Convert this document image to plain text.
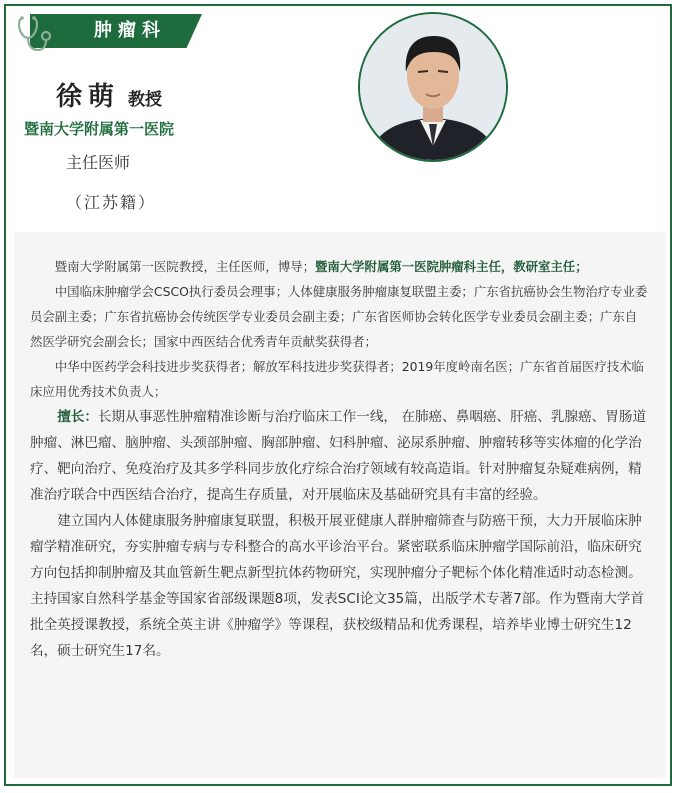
肿瘤科
徐萌 教授
暨南大学附属第一医院
主任医师
（江苏籍）

暨南大学附属第一医院教授，主任医师，博导；暨南大学附属第一医院肿瘤科主任，教研室主任；

中国临床肿瘤学会CSCO执行委员会理事；人体健康服务肿瘤康复联盟主委；广东省抗癌协会生物治疗专业委员会副主委；广东省抗癌协会传统医学专业委员会副主委；广东省医师协会转化医学专业委员会副主委；广东自然医学研究会副会长；国家中西医结合优秀青年贡献奖获得者；

中华中医药学会科技进步奖获得者；解放军科技进步奖获得者；2019年度岭南名医；广东省首届医疗技术临床应用优秀技术负责人；

擅长：长期从事恶性肿瘤精准诊断与治疗临床工作一线， 在肺癌、鼻咽癌、肝癌、乳腺癌、胃肠道肿瘤、淋巴瘤、脑肿瘤、头颈部肿瘤、胸部肿瘤、妇科肿瘤、泌尿系肿瘤、肿瘤转移等实体瘤的化学治疗、靶向治疗、免疫治疗及其多学科同步放化疗综合治疗领域有较高造诣。针对肿瘤复杂疑难病例，精准治疗联合中西医结合治疗，提高生存质量，对开展临床及基础研究具有丰富的经验。

建立国内人体健康服务肿瘤康复联盟，积极开展亚健康人群肿瘤筛查与防癌干预，大力开展临床肿瘤学精准研究，夯实肿瘤专病与专科整合的高水平诊治平台。紧密联系临床肿瘤学国际前沿，临床研究方向包括抑制肿瘤及其血管新生靶点新型抗体药物研究，实现肿瘤分子靶标个体化精准适时动态检测。主持国家自然科学基金等国家省部级课题8项，发表SCI论文35篇，出版学术专著7部。作为暨南大学首批全英授课教授，系统全英主讲《肿瘤学》等课程，获校级精品和优秀课程，培养毕业博士研究生12名，硕士研究生17名。
